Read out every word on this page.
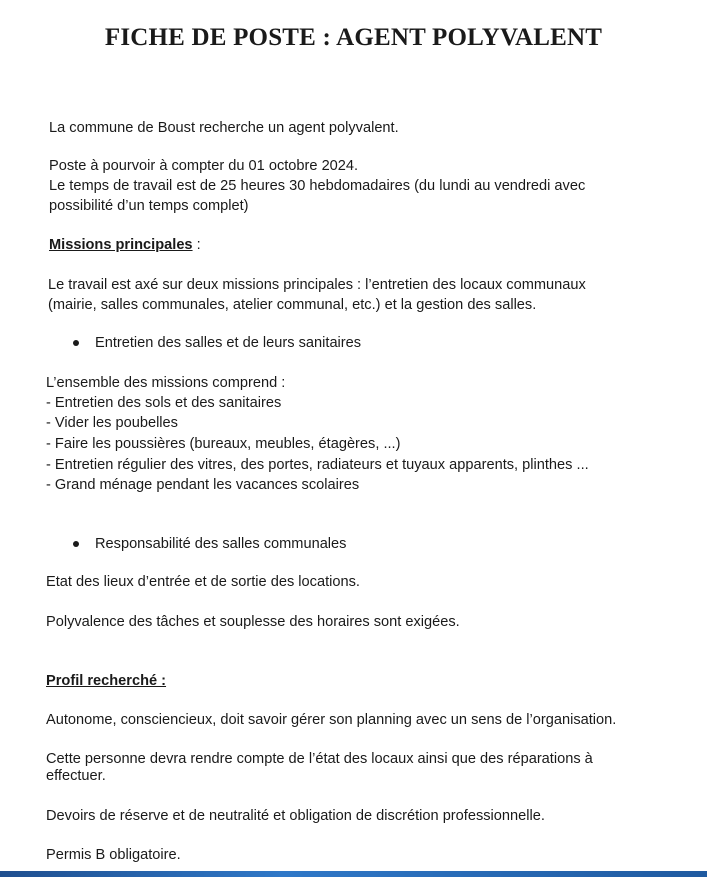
FICHE DE POSTE : AGENT POLYVALENT

La commune de Boust recherche un agent polyvalent.

Poste à pourvoir à compter du 01 octobre 2024.

Le temps de travail est de 25 heures 30 hebdomadaires (du lundi au vendredi avec

possibilité d’un temps complet)

Missions principales :

Le travail est axé sur deux missions principales : l’entretien des locaux communaux

(mairie, salles communales, atelier communal, etc.) et la gestion des salles.

Entretien des salles et de leurs sanitaires

L’ensemble des missions comprend :

- Entretien des sols et des sanitaires

- Vider les poubelles

- Faire les poussières (bureaux, meubles, étagères, ...)

- Entretien régulier des vitres, des portes, radiateurs et tuyaux apparents, plinthes ...

- Grand ménage pendant les vacances scolaires

Responsabilité des salles communales

Etat des lieux d’entrée et de sortie des locations.

Polyvalence des tâches et souplesse des horaires sont exigées.

Profil recherché :

Autonome, consciencieux, doit savoir gérer son planning avec un sens de l’organisation.

Cette personne devra rendre compte de l’état des locaux ainsi que des réparations à

effectuer.

Devoirs de réserve et de neutralité et obligation de discrétion professionnelle.

Permis B obligatoire.
